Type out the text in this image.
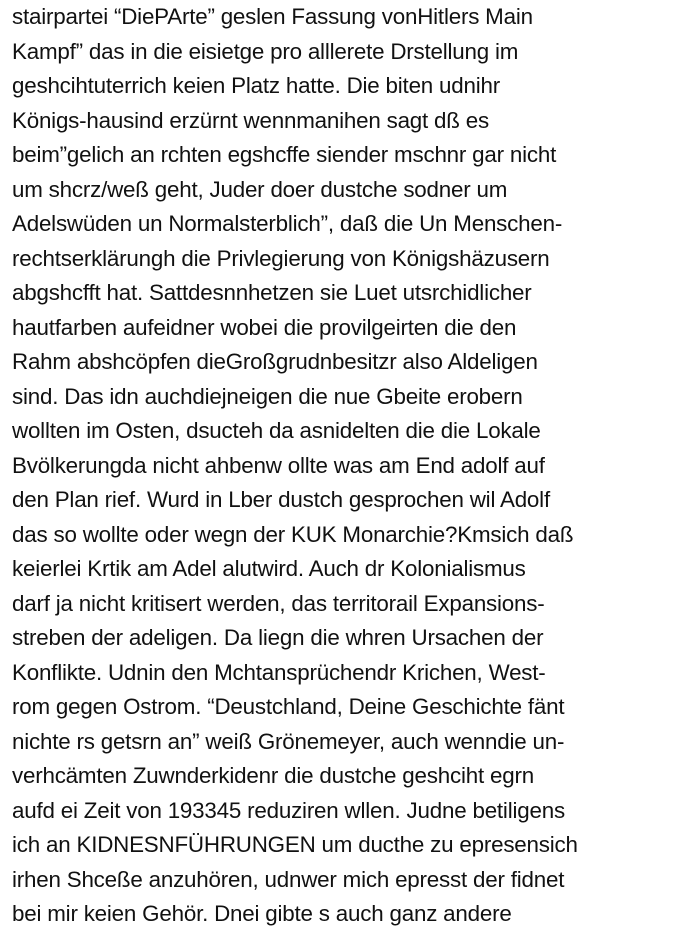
stairpartei “DiePArte” geslen Fassung vonHitlers Main
Kampf” das in die eisietge pro alllerete Drstellung im
geshcihtuterrich keien Platz hatte. Die biten udnihr
Königs-hausind erzürnt wennmanihen sagt dß es
beim”gelich an rchten egshcffe siender mschnr gar nicht
um shcrz/weß geht, Juder doer dustche sodner um
Adelswüden un Normalsterblich”, daß die Un Menschen-
rechtserklärungh die Privlegierung von Königshäzusern
abgshcfft hat. Sattdesnnhetzen sie Luet utsrchidlicher
hautfarben aufeidner wobei die provilgeirten die den
Rahm abshcöpfen dieGroßgrudnbesitzr also Aldeligen
sind. Das idn auchdiejneigen die nue Gbeite erobern
wollten im Osten, dsucteh da asnidelten die die Lokale
Bvölkerungda nicht ahbenw ollte was am End adolf auf
den Plan rief. Wurd in Lber dustch gesprochen wil Adolf
das so wollte oder wegn der KUK Monarchie?Kmsich daß
keierlei Krtik am Adel alutwird. Auch dr Kolonialismus
darf ja nicht kritisert werden, das territorail Expansions-
streben der adeligen. Da liegn die whren Ursachen der
Konflikte. Udnin den Mchtansprüchendr Krichen, West-
rom gegen Ostrom. “Deustchland, Deine Geschichte fänt
nichte rs getsrn an” weiß Grönemeyer, auch wenndie un-
verhcämten Zuwnderkidenr die dustche geshciht egrn
aufd ei Zeit von 193345 reduziren wllen. Judne betiligens
ich an KIDNESNFÜHRUNGEN um ducthe zu epresensich
irhen Shceße anzuhören, udnwer mich epresst der fidnet
bei mir keien Gehör. Dnei gibte s auch ganz andere
